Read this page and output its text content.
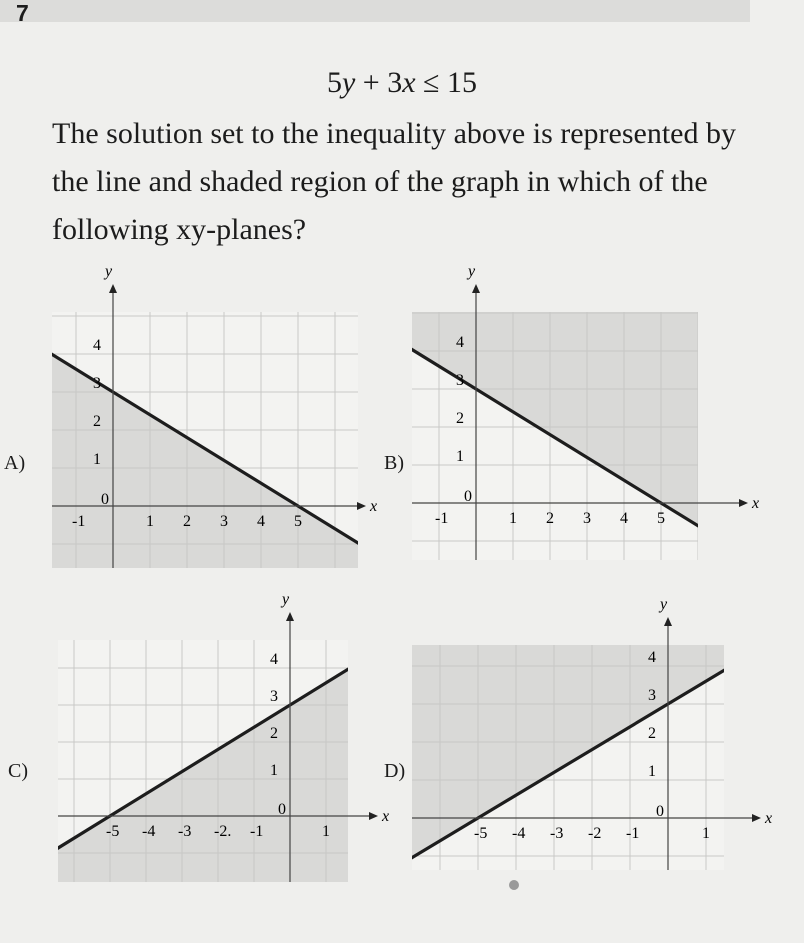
7
5y + 3x ≤ 15
The solution set to the inequality above is represented by the line and shaded region of the graph in which of the following xy-planes?
A)	B)
C)	D)
y
x
-1
0
1 2 3 4 5
1
2
3
4
y
x
-1
0
1 2 3 4 5
1
2
3
4
y
x
-5 -4 -3 -2. -1
0
1
1
2
3
4
y
x
-5 -4 -3 -2 -1
0
1
1
2
3
4
